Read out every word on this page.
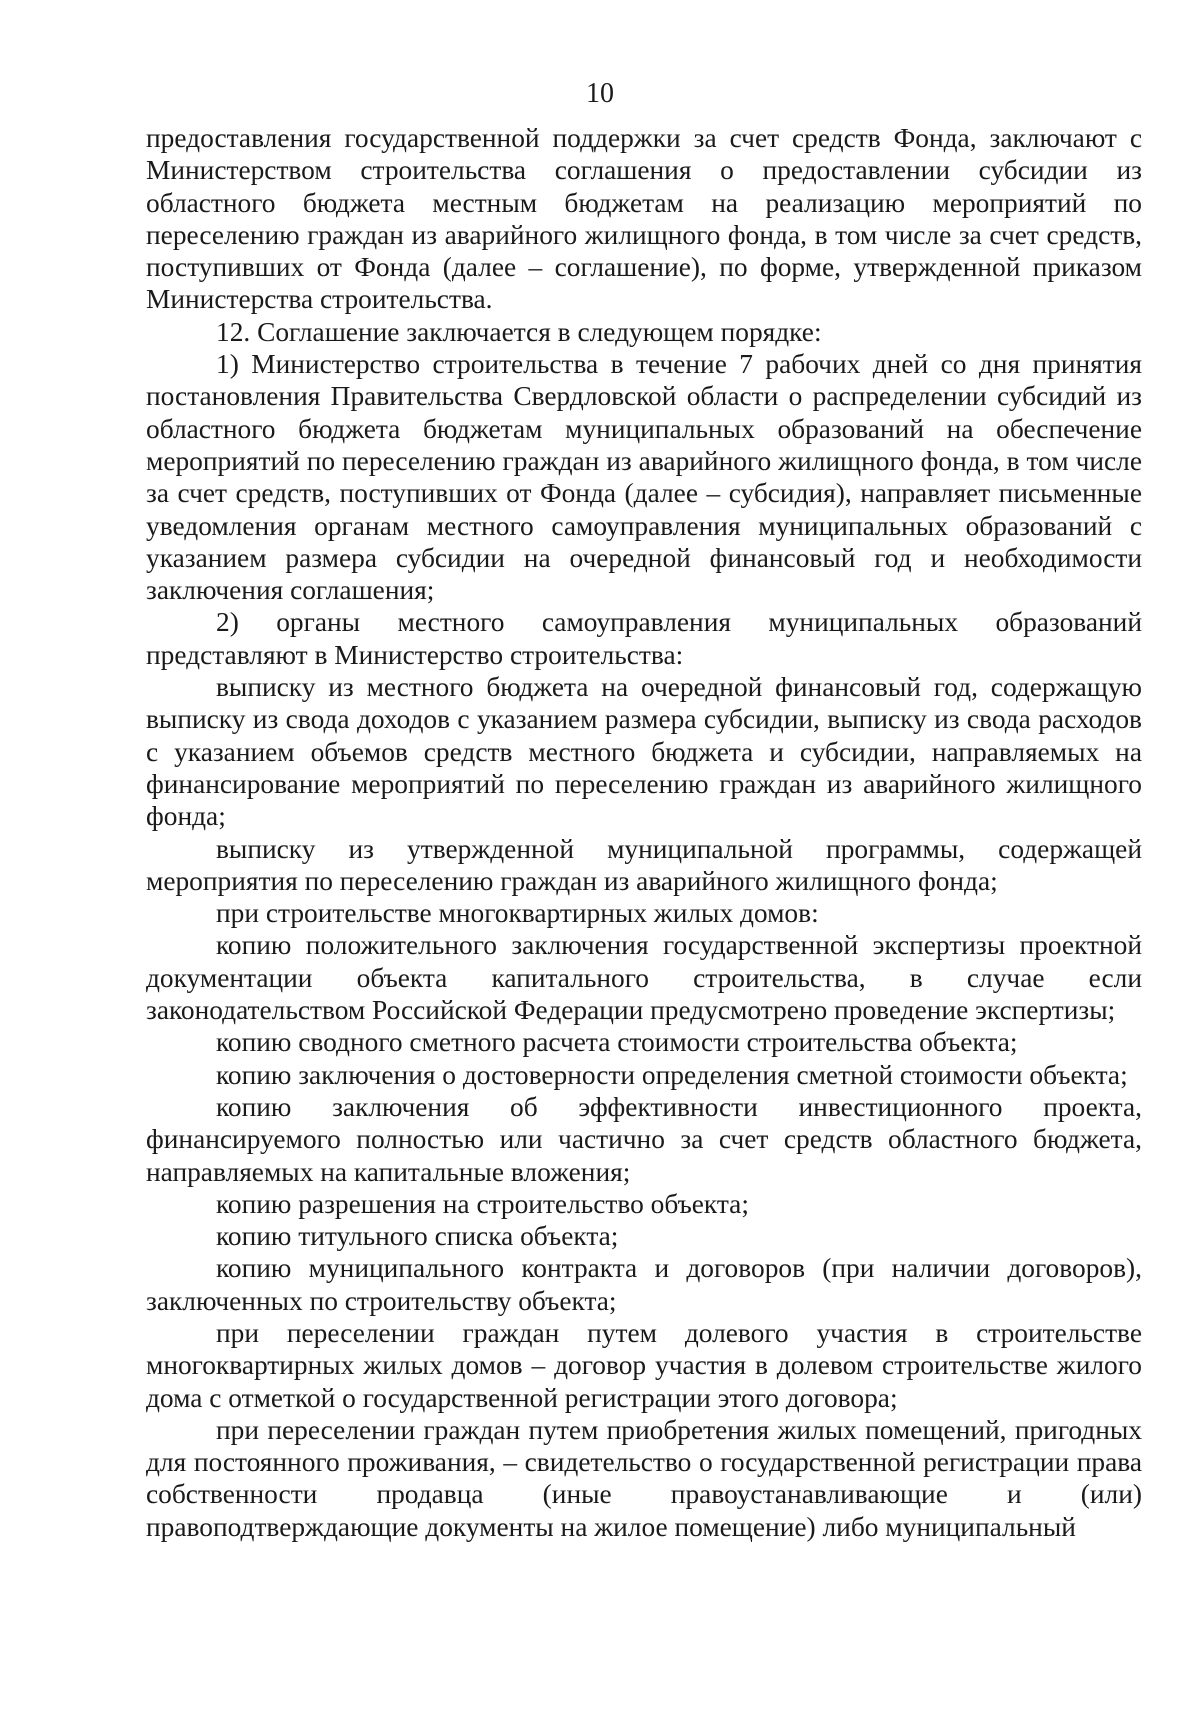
10

предоставления государственной поддержки за счет средств Фонда, заключают с Министерством строительства соглашения о предоставлении субсидии из областного бюджета местным бюджетам на реализацию мероприятий по переселению граждан из аварийного жилищного фонда, в том числе за счет средств, поступивших от Фонда (далее – соглашение), по форме, утвержденной приказом Министерства строительства.

12. Соглашение заключается в следующем порядке:

1) Министерство строительства в течение 7 рабочих дней со дня принятия постановления Правительства Свердловской области о распределении субсидий из областного бюджета бюджетам муниципальных образований на обеспечение мероприятий по переселению граждан из аварийного жилищного фонда, в том числе за счет средств, поступивших от Фонда (далее – субсидия), направляет письменные уведомления органам местного самоуправления муниципальных образований с указанием размера субсидии на очередной финансовый год и необходимости заключения соглашения;

2) органы местного самоуправления муниципальных образований представляют в Министерство строительства:

выписку из местного бюджета на очередной финансовый год, содержащую выписку из свода доходов с указанием размера субсидии, выписку из свода расходов с указанием объемов средств местного бюджета и субсидии, направляемых на финансирование мероприятий по переселению граждан из аварийного жилищного фонда;

выписку из утвержденной муниципальной программы, содержащей мероприятия по переселению граждан из аварийного жилищного фонда;

при строительстве многоквартирных жилых домов:

копию положительного заключения государственной экспертизы проектной документации объекта капитального строительства, в случае если законодательством Российской Федерации предусмотрено проведение экспертизы;

копию сводного сметного расчета стоимости строительства объекта;

копию заключения о достоверности определения сметной стоимости объекта;

копию заключения об эффективности инвестиционного проекта, финансируемого полностью или частично за счет средств областного бюджета, направляемых на капитальные вложения;

копию разрешения на строительство объекта;

копию титульного списка объекта;

копию муниципального контракта и договоров (при наличии договоров), заключенных по строительству объекта;

при переселении граждан путем долевого участия в строительстве многоквартирных жилых домов – договор участия в долевом строительстве жилого дома с отметкой о государственной регистрации этого договора;

при переселении граждан путем приобретения жилых помещений, пригодных для постоянного проживания, – свидетельство о государственной регистрации права собственности продавца (иные правоустанавливающие и (или) правоподтверждающие документы на жилое помещение) либо муниципальный
